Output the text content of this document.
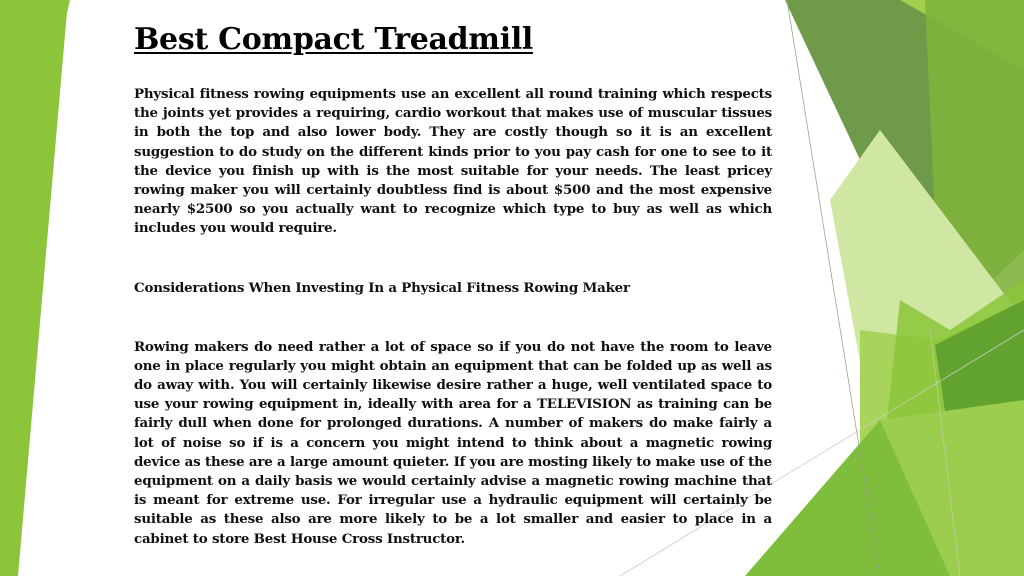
Best Compact Treadmill

Physical fitness rowing equipments use an excellent all round training which respects the joints yet provides a requiring, cardio workout that makes use of muscular tissues in both the top and also lower body. They are costly though so it is an excellent suggestion to do study on the different kinds prior to you pay cash for one to see to it the device you finish up with is the most suitable for your needs. The least pricey rowing maker you will certainly doubtless find is about $500 and the most expensive nearly $2500 so you actually want to recognize which type to buy as well as which includes you would require.

Considerations When Investing In a Physical Fitness Rowing Maker

Rowing makers do need rather a lot of space so if you do not have the room to leave one in place regularly you might obtain an equipment that can be folded up as well as do away with. You will certainly likewise desire rather a huge, well ventilated space to use your rowing equipment in, ideally with area for a TELEVISION as training can be fairly dull when done for prolonged durations. A number of makers do make fairly a lot of noise so if is a concern you might intend to think about a magnetic rowing device as these are a large amount quieter. If you are mosting likely to make use of the equipment on a daily basis we would certainly advise a magnetic rowing machine that is meant for extreme use. For irregular use a hydraulic equipment will certainly be suitable as these also are more likely to be a lot smaller and easier to place in a cabinet to store Best House Cross Instructor.
